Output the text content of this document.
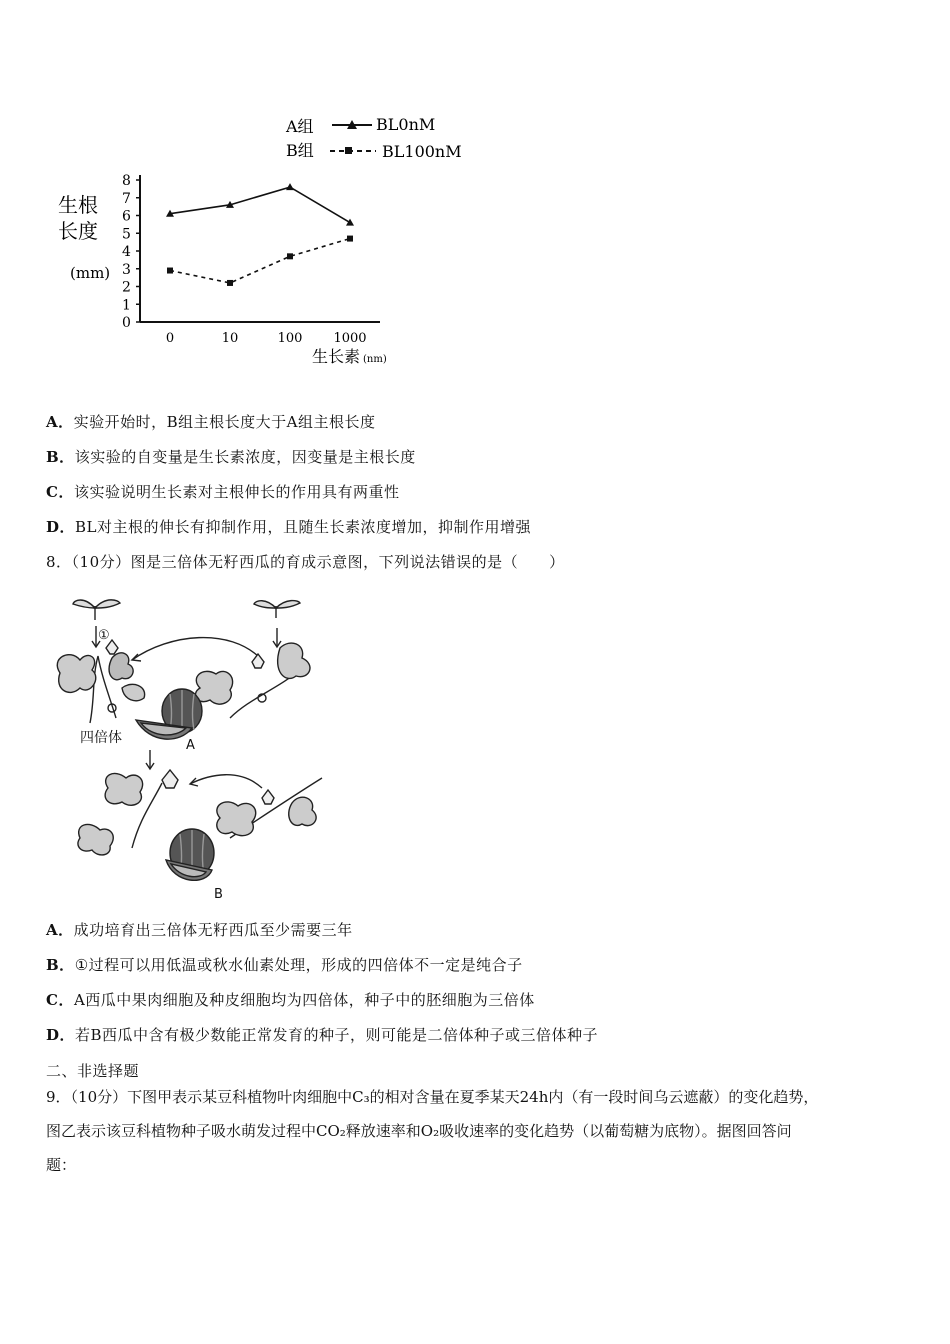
A组	BL0nM
B组	BL100nM
生根
长度
(mm)
0
1
2
3
4
5
6
7
8
0	10	100 1000
生长素 (nm)
A．实验开始时，B组主根长度大于A组主根长度
B．该实验的自变量是生长素浓度，因变量是主根长度
C．该实验说明生长素对主根伸长的作用具有两重性
D．BL对主根的伸长有抑制作用，且随生长素浓度增加，抑制作用增强
8．（10分）图是三倍体无籽西瓜的育成示意图，下列说法错误的是（　　）
①
四倍体	A
B
A．成功培育出三倍体无籽西瓜至少需要三年
B．①过程可以用低温或秋水仙素处理，形成的四倍体不一定是纯合子
C．A西瓜中果肉细胞及种皮细胞均为四倍体，种子中的胚细胞为三倍体
D．若B西瓜中含有极少数能正常发育的种子，则可能是二倍体种子或三倍体种子
二、非选择题
9．（10分）下图甲表示某豆科植物叶肉细胞中C₃的相对含量在夏季某天24h内（有一段时间乌云遮蔽）的变化趋势，
图乙表示该豆科植物种子吸水萌发过程中CO₂释放速率和O₂吸收速率的变化趋势（以葡萄糖为底物）。据图回答问
题：
